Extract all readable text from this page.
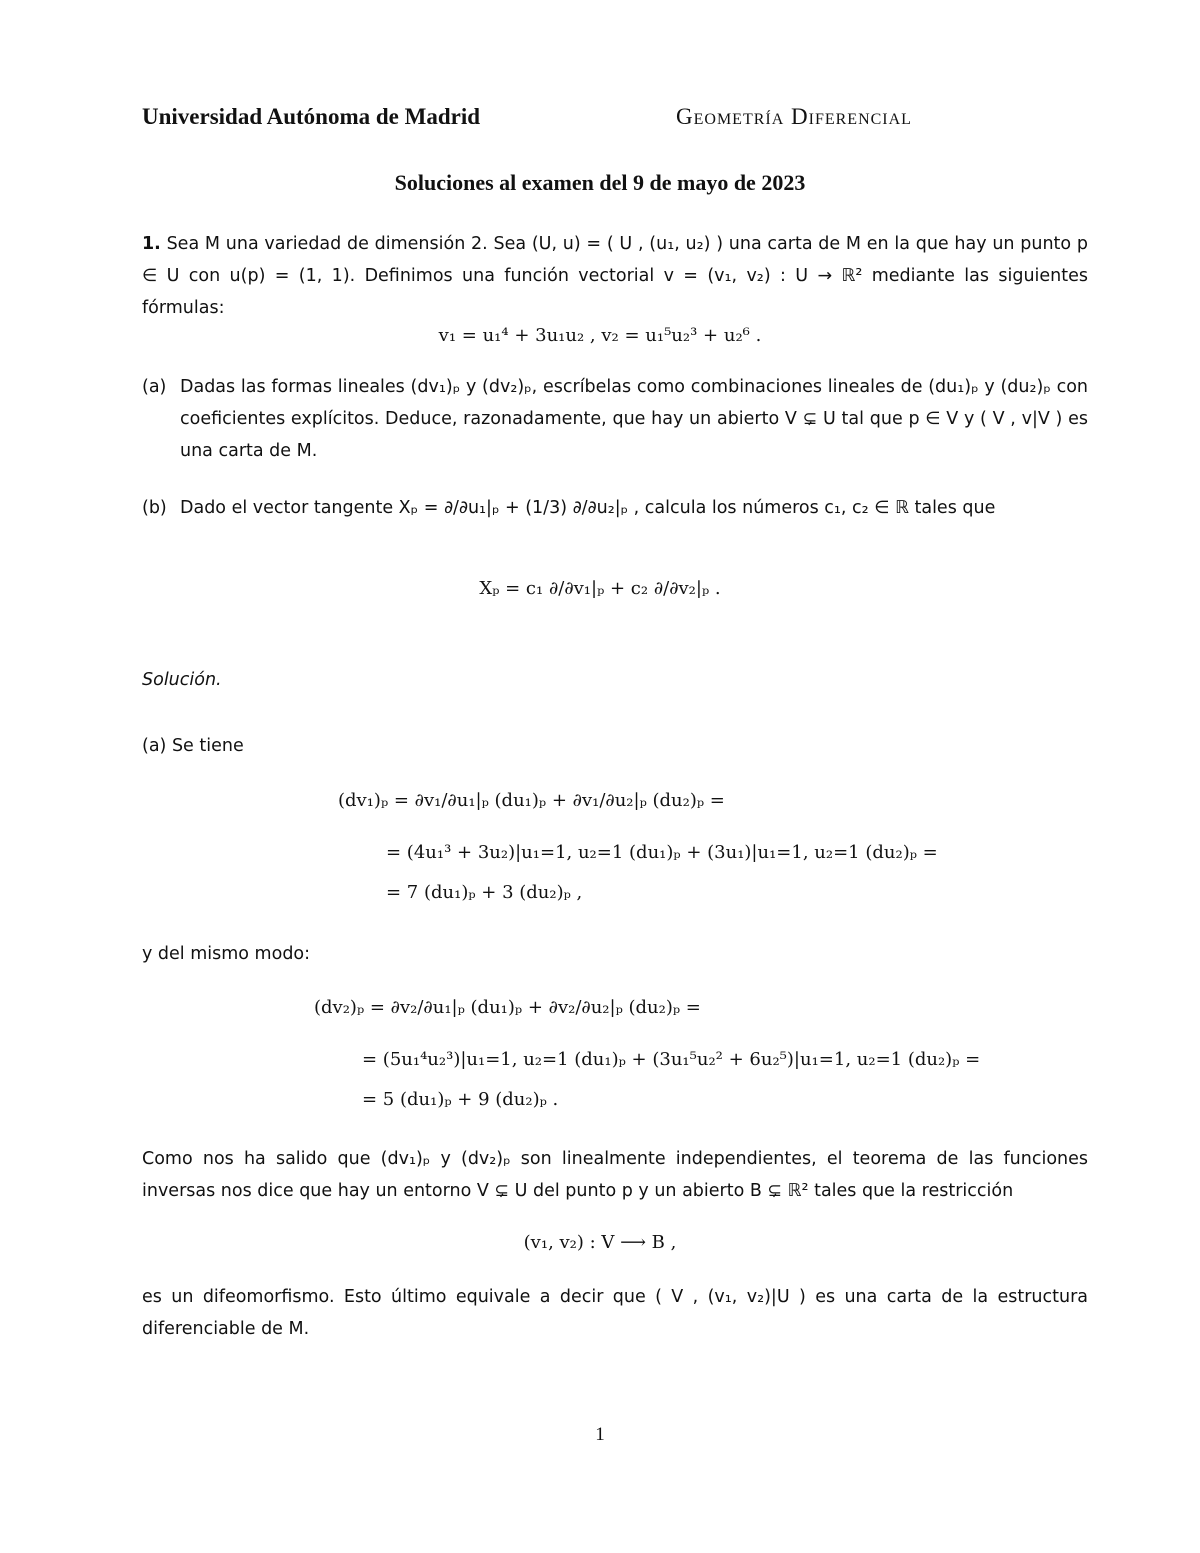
Universidad Autónoma de Madrid	Geometría Diferencial
Soluciones al examen del 9 de mayo de 2023
1. Sea M una variedad de dimensión 2. Sea (U, u) = ( U , (u₁, u₂) ) una carta de M en la que hay un punto p ∈ U con u(p) = (1, 1). Definimos una función vectorial v = (v₁, v₂) : U → ℝ² mediante las siguientes fórmulas:
v₁ = u₁⁴ + 3u₁u₂ , v₂ = u₁⁵u₂³ + u₂⁶ .
(a) Dadas las formas lineales (dv₁)ₚ y (dv₂)ₚ, escríbelas como combinaciones lineales de (du₁)ₚ y (du₂)ₚ con coeficientes explícitos. Deduce, razonadamente, que hay un abierto V ⊊ U tal que p ∈ V y ( V , v|V ) es una carta de M.
(b) Dado el vector tangente Xₚ = ∂/∂u₁|ₚ + (1/3) ∂/∂u₂|ₚ , calcula los números c₁, c₂ ∈ ℝ tales que
Xₚ = c₁ ∂/∂v₁|ₚ + c₂ ∂/∂v₂|ₚ .
Solución.
(a) Se tiene
(dv₁)ₚ = ∂v₁/∂u₁|ₚ (du₁)ₚ + ∂v₁/∂u₂|ₚ (du₂)ₚ =
= (4u₁³ + 3u₂)|u₁=1, u₂=1 (du₁)ₚ + (3u₁)|u₁=1, u₂=1 (du₂)ₚ =
= 7 (du₁)ₚ + 3 (du₂)ₚ ,
y del mismo modo:
(dv₂)ₚ = ∂v₂/∂u₁|ₚ (du₁)ₚ + ∂v₂/∂u₂|ₚ (du₂)ₚ =
= (5u₁⁴u₂³)|u₁=1, u₂=1 (du₁)ₚ + (3u₁⁵u₂² + 6u₂⁵)|u₁=1, u₂=1 (du₂)ₚ =
= 5 (du₁)ₚ + 9 (du₂)ₚ .
Como nos ha salido que (dv₁)ₚ y (dv₂)ₚ son linealmente independientes, el teorema de las funciones inversas nos dice que hay un entorno V ⊊ U del punto p y un abierto B ⊊ ℝ² tales que la restricción
(v₁, v₂) : V ⟶ B ,
es un difeomorfismo. Esto último equivale a decir que ( V , (v₁, v₂)|U ) es una carta de la estructura diferenciable de M.
1
